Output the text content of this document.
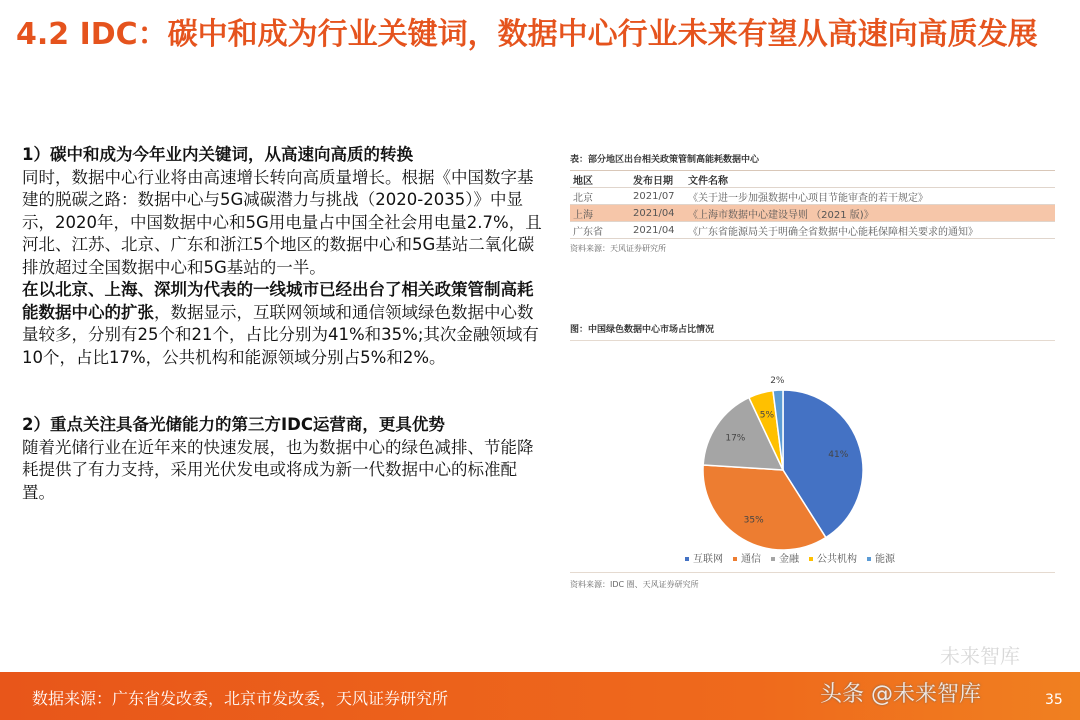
4.2 IDC：碳中和成为行业关键词，数据中心行业未来有望从高速向高质发展

1）碳中和成为今年业内关键词，从高速向高质的转换

同时，数据中心行业将由高速增长转向高质量增长。根据《中国数字基建的脱碳之路：数据中心与5G减碳潜力与挑战（2020-2035）》中显示，2020年，中国数据中心和5G用电量占中国全社会用电量2.7%，且河北、江苏、北京、广东和浙江5个地区的数据中心和5G基站二氧化碳排放超过全国数据中心和5G基站的一半。

在以北京、上海、深圳为代表的一线城市已经出台了相关政策管制高耗能数据中心的扩张，数据显示，互联网领域和通信领域绿色数据中心数量较多，分别有25个和21个，占比分别为41%和35%;其次金融领域有10个，占比17%，公共机构和能源领域分别占5%和2%。

2）重点关注具备光储能力的第三方IDC运营商，更具优势

随着光储行业在近年来的快速发展，也为数据中心的绿色减排、节能降耗提供了有力支持，采用光伏发电或将成为新一代数据中心的标准配置。

表：部分地区出台相关政策管制高能耗数据中心
地区	发布日期	文件名称
北京	2021/07	《关于进一步加强数据中心项目节能审查的若干规定》
上海	2021/04	《上海市数据中心建设导则 （2021 版)》
广东省	2021/04	《广东省能源局关于明确全省数据中心能耗保障相关要求的通知》
资料来源：天风证券研究所
图：中国绿色数据中心市场占比情况
41%
35%
17%
5%
2%
互联网	通信	金融	公共机构	能源
资料来源：IDC 圈、天风证券研究所
数据来源：广东省发改委，北京市发改委，天风证券研究所
未来智库
头条 @未来智库	35
